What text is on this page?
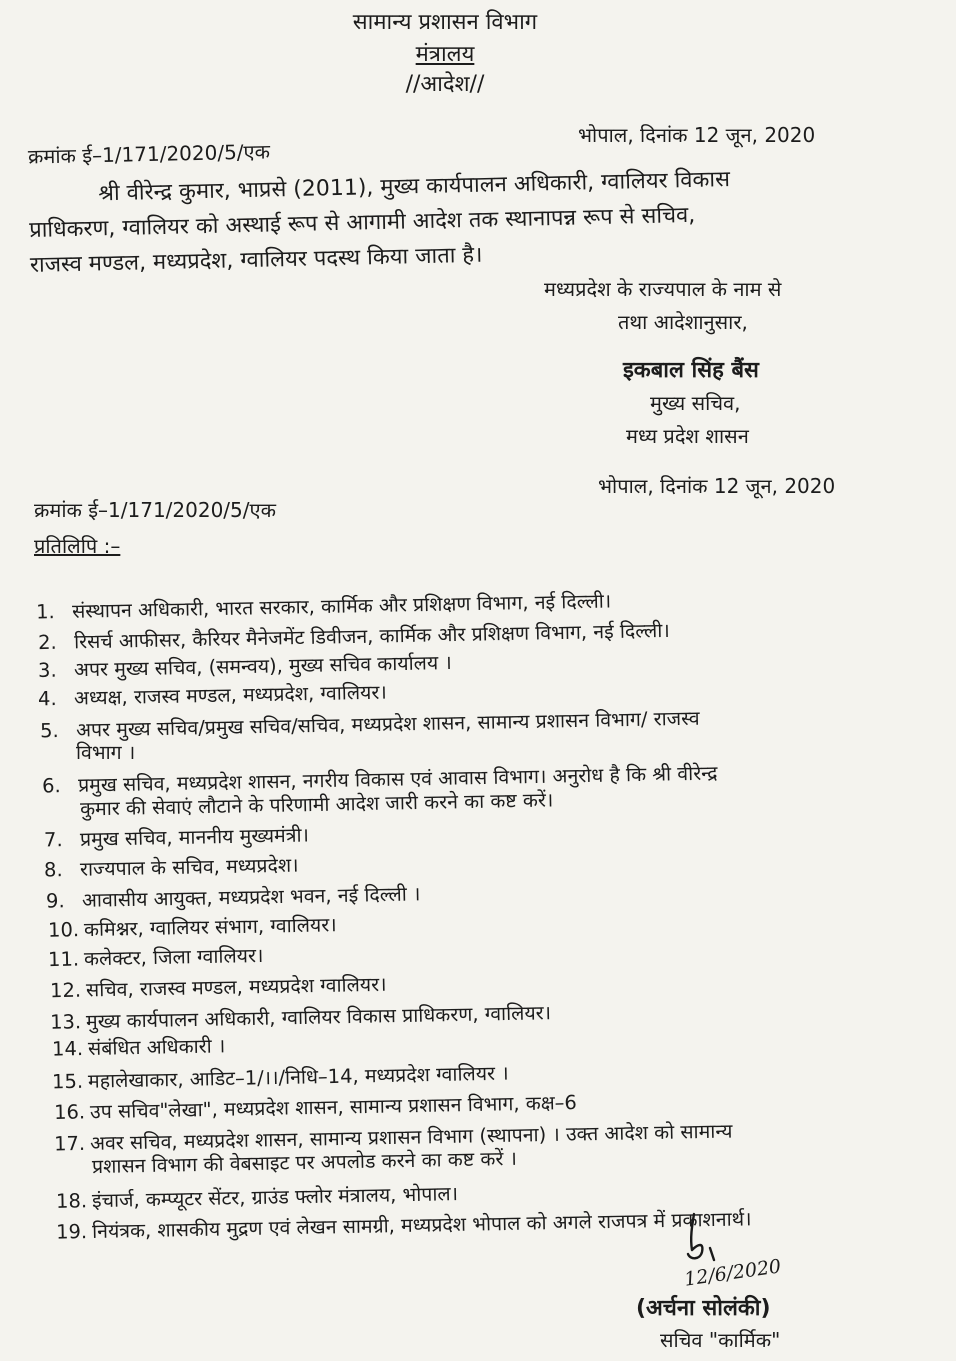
सामान्य प्रशासन विभाग
मंत्रालय
//आदेश//
क्रमांक ई–1/171/2020/5/एक
भोपाल, दिनांक 12 जून, 2020
श्री वीरेन्द्र कुमार, भाप्रसे (2011), मुख्य कार्यपालन अधिकारी, ग्वालियर विकास
प्राधिकरण, ग्वालियर को अस्थाई रूप से आगामी आदेश तक स्थानापन्न रूप से सचिव,
राजस्व मण्डल, मध्यप्रदेश, ग्वालियर पदस्थ किया जाता है।
मध्यप्रदेश के राज्यपाल के नाम से
तथा आदेशानुसार,
इकबाल सिंह बैंस
मुख्य सचिव,
मध्य प्रदेश शासन
क्रमांक ई–1/171/2020/5/एक
भोपाल, दिनांक 12 जून, 2020
प्रतिलिपि :–
1. संस्थापन अधिकारी, भारत सरकार, कार्मिक और प्रशिक्षण विभाग, नई दिल्ली।
2. रिसर्च आफीसर, कैरियर मैनेजमेंट डिवीजन, कार्मिक और प्रशिक्षण विभाग, नई दिल्ली।
3. अपर मुख्य सचिव, (समन्वय), मुख्य सचिव कार्यालय ।
4. अध्यक्ष, राजस्व मण्डल, मध्यप्रदेश, ग्वालियर।
5. अपर मुख्य सचिव/प्रमुख सचिव/सचिव, मध्यप्रदेश शासन, सामान्य प्रशासन विभाग/ राजस्व
विभाग ।
6. प्रमुख सचिव, मध्यप्रदेश शासन, नगरीय विकास एवं आवास विभाग। अनुरोध है कि श्री वीरेन्द्र
कुमार की सेवाएं लौटाने के परिणामी आदेश जारी करने का कष्ट करें।
7. प्रमुख सचिव, माननीय मुख्यमंत्री।
8. राज्यपाल के सचिव, मध्यप्रदेश।
9. आवासीय आयुक्त, मध्यप्रदेश भवन, नई दिल्ली ।
10. कमिश्नर, ग्वालियर संभाग, ग्वालियर।
11. कलेक्टर, जिला ग्वालियर।
12. सचिव, राजस्व मण्डल, मध्यप्रदेश ग्वालियर।
13. मुख्य कार्यपालन अधिकारी, ग्वालियर विकास प्राधिकरण, ग्वालियर।
14. संबंधित अधिकारी ।
15. महालेखाकार, आडिट–1/।।/निधि–14, मध्यप्रदेश ग्वालियर ।
16. उप सचिव"लेखा", मध्यप्रदेश शासन, सामान्य प्रशासन विभाग, कक्ष–6
17. अवर सचिव, मध्यप्रदेश शासन, सामान्य प्रशासन विभाग (स्थापना) । उक्त आदेश को सामान्य
प्रशासन विभाग की वेबसाइट पर अपलोड करने का कष्ट करें ।
18. इंचार्ज, कम्प्यूटर सेंटर, ग्राउंड फ्लोर मंत्रालय, भोपाल।
19. नियंत्रक, शासकीय मुद्रण एवं लेखन सामग्री, मध्यप्रदेश भोपाल को अगले राजपत्र में प्रकाशनार्थ।
12/6/2020
(अर्चना सोलंकी)
सचिव "कार्मिक"
